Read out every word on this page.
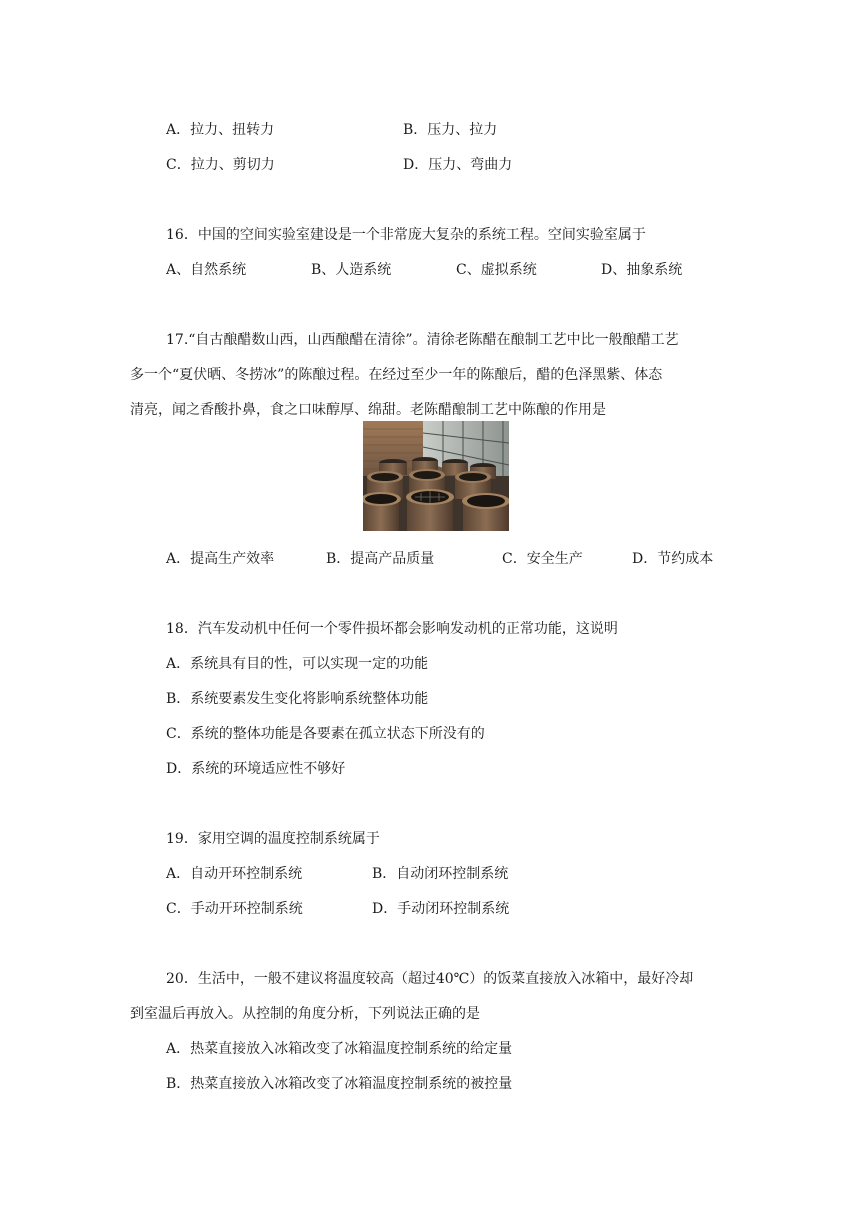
A．拉力、扭转力	B．压力、拉力
C．拉力、剪切力	D．压力、弯曲力
16．中国的空间实验室建设是一个非常庞大复杂的系统工程。空间实验室属于
A、自然系统	B、人造系统	C、虚拟系统	D、抽象系统
17.“自古酿醋数山西，山西酿醋在清徐”。清徐老陈醋在酿制工艺中比一般酿醋工艺
多一个“夏伏晒、冬捞冰”的陈酿过程。在经过至少一年的陈酿后，醋的色泽黑紫、体态
清亮，闻之香酸扑鼻，食之口味醇厚、绵甜。老陈醋酿制工艺中陈酿的作用是
A．提高生产效率	B．提高产品质量	C．安全生产	D．节约成本
18．汽车发动机中任何一个零件损坏都会影响发动机的正常功能，这说明
A．系统具有目的性，可以实现一定的功能
B．系统要素发生变化将影响系统整体功能
C．系统的整体功能是各要素在孤立状态下所没有的
D．系统的环境适应性不够好
19．家用空调的温度控制系统属于
A．自动开环控制系统	B．自动闭环控制系统
C．手动开环控制系统	D．手动闭环控制系统
20．生活中，一般不建议将温度较高（超过40℃）的饭菜直接放入冰箱中，最好冷却
到室温后再放入。从控制的角度分析，下列说法正确的是
A．热菜直接放入冰箱改变了冰箱温度控制系统的给定量
B．热菜直接放入冰箱改变了冰箱温度控制系统的被控量
